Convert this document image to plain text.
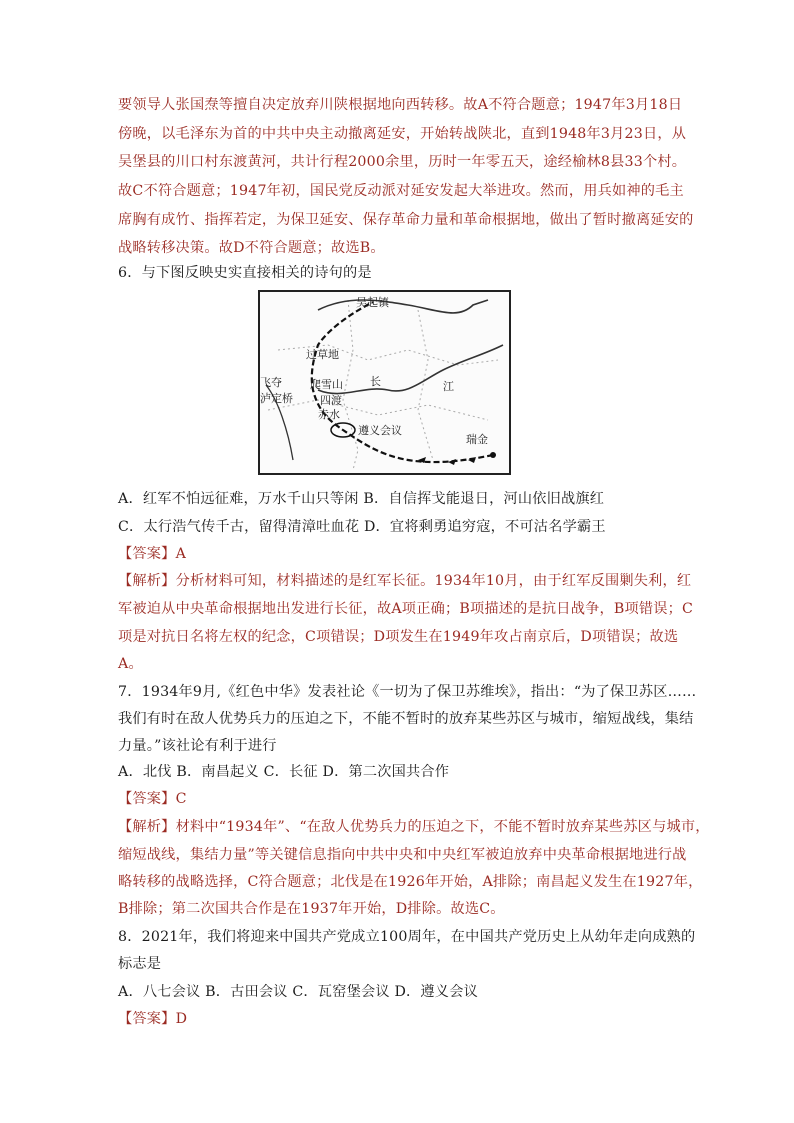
要领导人张国焘等擅自决定放弃川陕根据地向西转移。故A不符合题意；1947年3月18日
傍晚，以毛泽东为首的中共中央主动撤离延安，开始转战陕北，直到1948年3月23日，从
吴堡县的川口村东渡黄河，共计行程2000余里，历时一年零五天，途经榆林8县33个村。
故C不符合题意；1947年初，国民党反动派对延安发起大举进攻。然而，用兵如神的毛主
席胸有成竹、指挥若定，为保卫延安、保存革命力量和革命根据地，做出了暂时撤离延安的
战略转移决策。故D不符合题意；故选B。
6．与下图反映史实直接相关的诗句的是
吴起镇
过草地
飞夺
泸定桥
爬雪山
四渡
赤水
长	江
遵义会议
瑞金
A．红军不怕远征难，万水千山只等闲 B．自信挥戈能退日，河山依旧战旗红
C．太行浩气传千古，留得清漳吐血花 D．宜将剩勇追穷寇，不可沽名学霸王
【答案】A
【解析】分析材料可知，材料描述的是红军长征。1934年10月，由于红军反围剿失利，红
军被迫从中央革命根据地出发进行长征，故A项正确；B项描述的是抗日战争，B项错误；C
项是对抗日名将左权的纪念，C项错误；D项发生在1949年攻占南京后，D项错误；故选
A。
7．1934年9月,《红色中华》发表社论《一切为了保卫苏维埃》，指出：“为了保卫苏区……
我们有时在敌人优势兵力的压迫之下，不能不暂时的放弃某些苏区与城市，缩短战线，集结
力量。”该社论有利于进行
A．北伐 B．南昌起义 C．长征 D．第二次国共合作
【答案】C
【解析】材料中“1934年”、“在敌人优势兵力的压迫之下，不能不暂时放弃某些苏区与城市，
缩短战线，集结力量”等关键信息指向中共中央和中央红军被迫放弃中央革命根据地进行战
略转移的战略选择，C符合题意；北伐是在1926年开始，A排除；南昌起义发生在1927年，
B排除；第二次国共合作是在1937年开始，D排除。故选C。
8．2021年，我们将迎来中国共产党成立100周年，在中国共产党历史上从幼年走向成熟的
标志是
A．八七会议 B．古田会议 C．瓦窑堡会议 D．遵义会议
【答案】D
